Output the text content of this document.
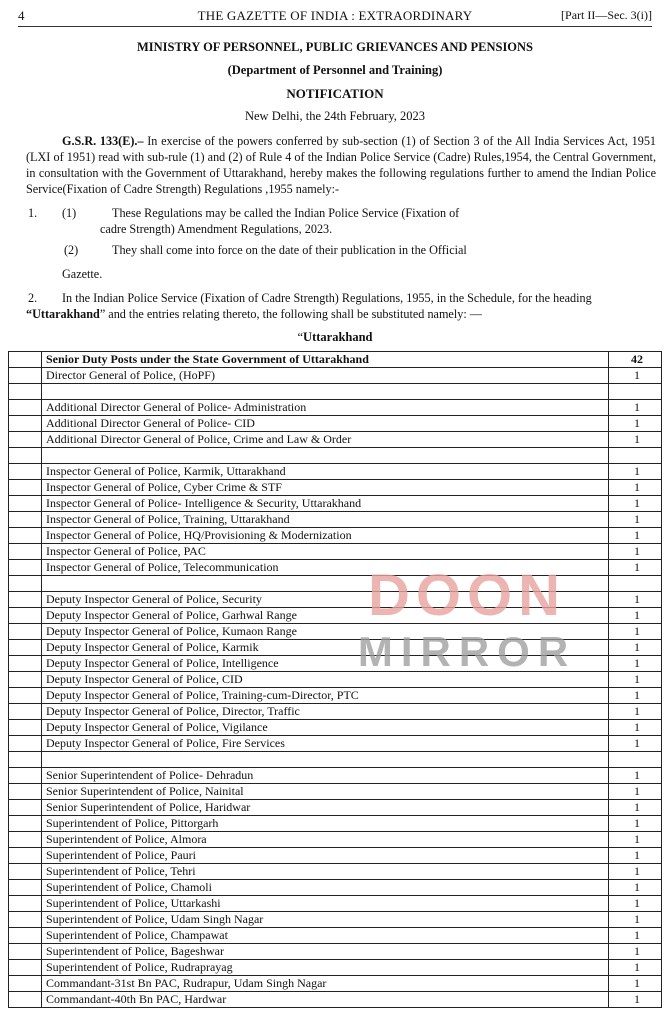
4	THE GAZETTE OF INDIA : EXTRAORDINARY	[Part II—Sec. 3(i)]
MINISTRY OF PERSONNEL, PUBLIC GRIEVANCES AND PENSIONS
(Department of Personnel and Training)
NOTIFICATION
New Delhi, the 24th February, 2023
G.S.R. 133(E).– In exercise of the powers conferred by sub-section (1) of Section 3 of the All India Services Act, 1951 (LXI of 1951) read with sub-rule (1) and (2) of Rule 4 of the Indian Police Service (Cadre) Rules,1954, the Central Government, in consultation with the Government of Uttarakhand, hereby makes the following regulations further to amend the Indian Police Service(Fixation of Cadre Strength) Regulations ,1955 namely:-
1. (1)	These Regulations may be called the Indian Police Service (Fixation of
cadre Strength) Amendment Regulations, 2023.
(2)	They shall come into force on the date of their publication in the Official
Gazette.
2. In the Indian Police Service (Fixation of Cadre Strength) Regulations, 1955, in the Schedule, for the heading
“Uttarakhand” and the entries relating thereto, the following shall be substituted namely: —
“Uttarakhand
	Senior Duty Posts under the State Government of Uttarakhand	42
	Director General of Police, (HoPF)	1

	Additional Director General of Police- Administration	1
	Additional Director General of Police- CID	1
	Additional Director General of Police, Crime and Law & Order	1

	Inspector General of Police, Karmik, Uttarakhand	1
	Inspector General of Police, Cyber Crime & STF	1
	Inspector General of Police- Intelligence & Security, Uttarakhand	1
	Inspector General of Police, Training, Uttarakhand	1
	Inspector General of Police, HQ/Provisioning & Modernization	1
	Inspector General of Police, PAC	1
	Inspector General of Police, Telecommunication	1

	Deputy Inspector General of Police, Security	1
	Deputy Inspector General of Police, Garhwal Range	1
	Deputy Inspector General of Police, Kumaon Range	1
	Deputy Inspector General of Police, Karmik	1
	Deputy Inspector General of Police, Intelligence	1
	Deputy Inspector General of Police, CID	1
	Deputy Inspector General of Police, Training-cum-Director, PTC	1
	Deputy Inspector General of Police, Director, Traffic	1
	Deputy Inspector General of Police, Vigilance	1
	Deputy Inspector General of Police, Fire Services	1

	Senior Superintendent of Police- Dehradun	1
	Senior Superintendent of Police, Nainital	1
	Senior Superintendent of Police, Haridwar	1
	Superintendent of Police, Pittorgarh	1
	Superintendent of Police, Almora	1
	Superintendent of Police, Pauri	1
	Superintendent of Police, Tehri	1
	Superintendent of Police, Chamoli	1
	Superintendent of Police, Uttarkashi	1
	Superintendent of Police, Udam Singh Nagar	1
	Superintendent of Police, Champawat	1
	Superintendent of Police, Bageshwar	1
	Superintendent of Police, Rudraprayag	1
	Commandant-31st Bn PAC, Rudrapur, Udam Singh Nagar	1
	Commandant-40th Bn PAC, Hardwar	1
DOON
MIRROR
